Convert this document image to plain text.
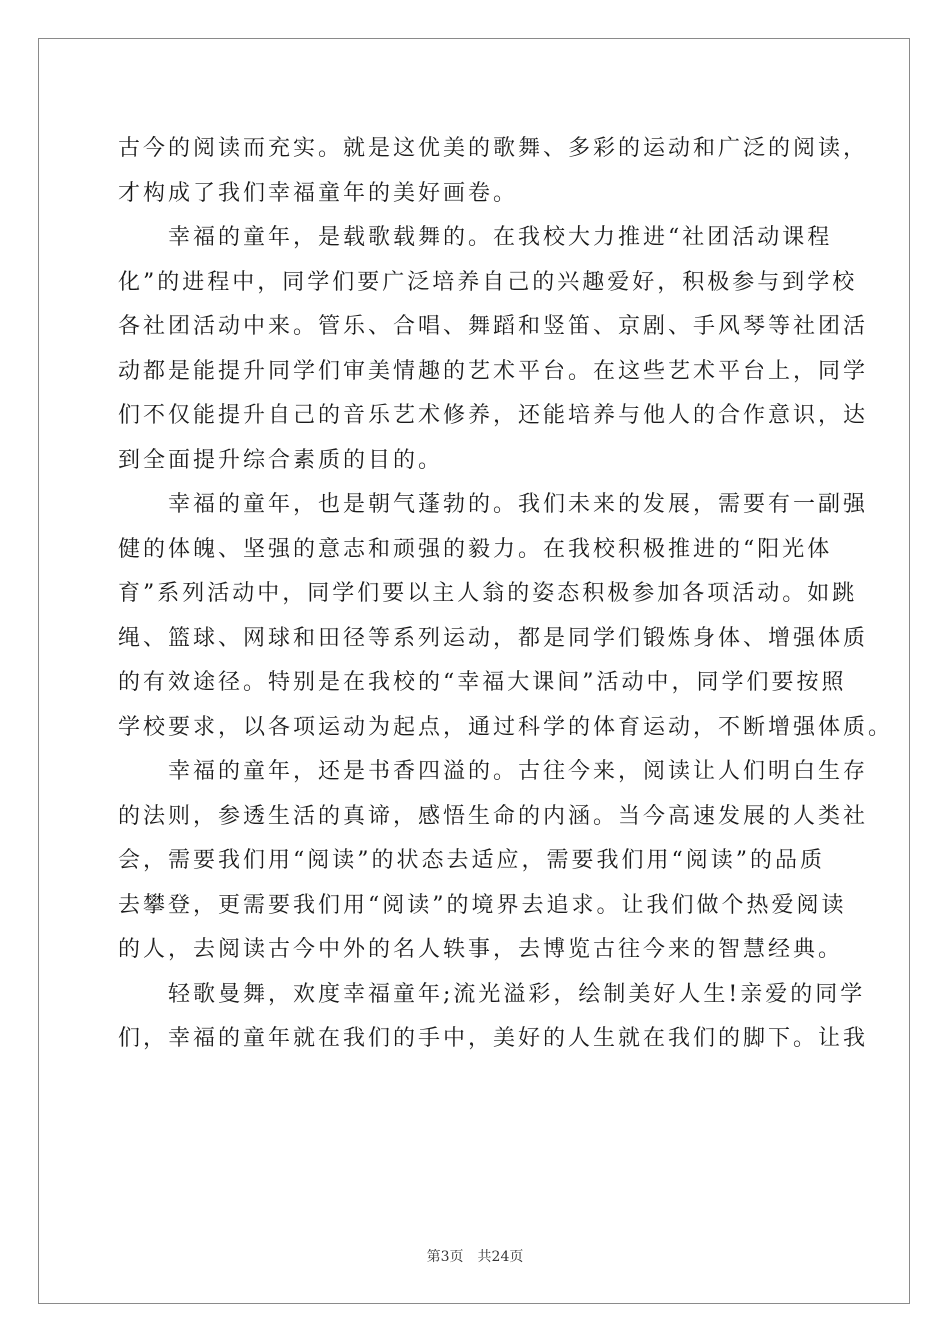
古今的阅读而充实。就是这优美的歌舞、多彩的运动和广泛的阅读，
才构成了我们幸福童年的美好画卷。
幸福的童年，是载歌载舞的。在我校大力推进“社团活动课程
化”的进程中，同学们要广泛培养自己的兴趣爱好，积极参与到学校
各社团活动中来。管乐、合唱、舞蹈和竖笛、京剧、手风琴等社团活
动都是能提升同学们审美情趣的艺术平台。在这些艺术平台上，同学
们不仅能提升自己的音乐艺术修养，还能培养与他人的合作意识，达
到全面提升综合素质的目的。
幸福的童年，也是朝气蓬勃的。我们未来的发展，需要有一副强
健的体魄、坚强的意志和顽强的毅力。在我校积极推进的“阳光体
育”系列活动中，同学们要以主人翁的姿态积极参加各项活动。如跳
绳、篮球、网球和田径等系列运动，都是同学们锻炼身体、增强体质
的有效途径。特别是在我校的“幸福大课间”活动中，同学们要按照
学校要求，以各项运动为起点，通过科学的体育运动，不断增强体质。
幸福的童年，还是书香四溢的。古往今来，阅读让人们明白生存
的法则，参透生活的真谛，感悟生命的内涵。当今高速发展的人类社
会，需要我们用“阅读”的状态去适应，需要我们用“阅读”的品质
去攀登，更需要我们用“阅读”的境界去追求。让我们做个热爱阅读
的人，去阅读古今中外的名人轶事，去博览古往今来的智慧经典。
轻歌曼舞，欢度幸福童年;流光溢彩，绘制美好人生!亲爱的同学
们，幸福的童年就在我们的手中，美好的人生就在我们的脚下。让我
第3页　共24页
